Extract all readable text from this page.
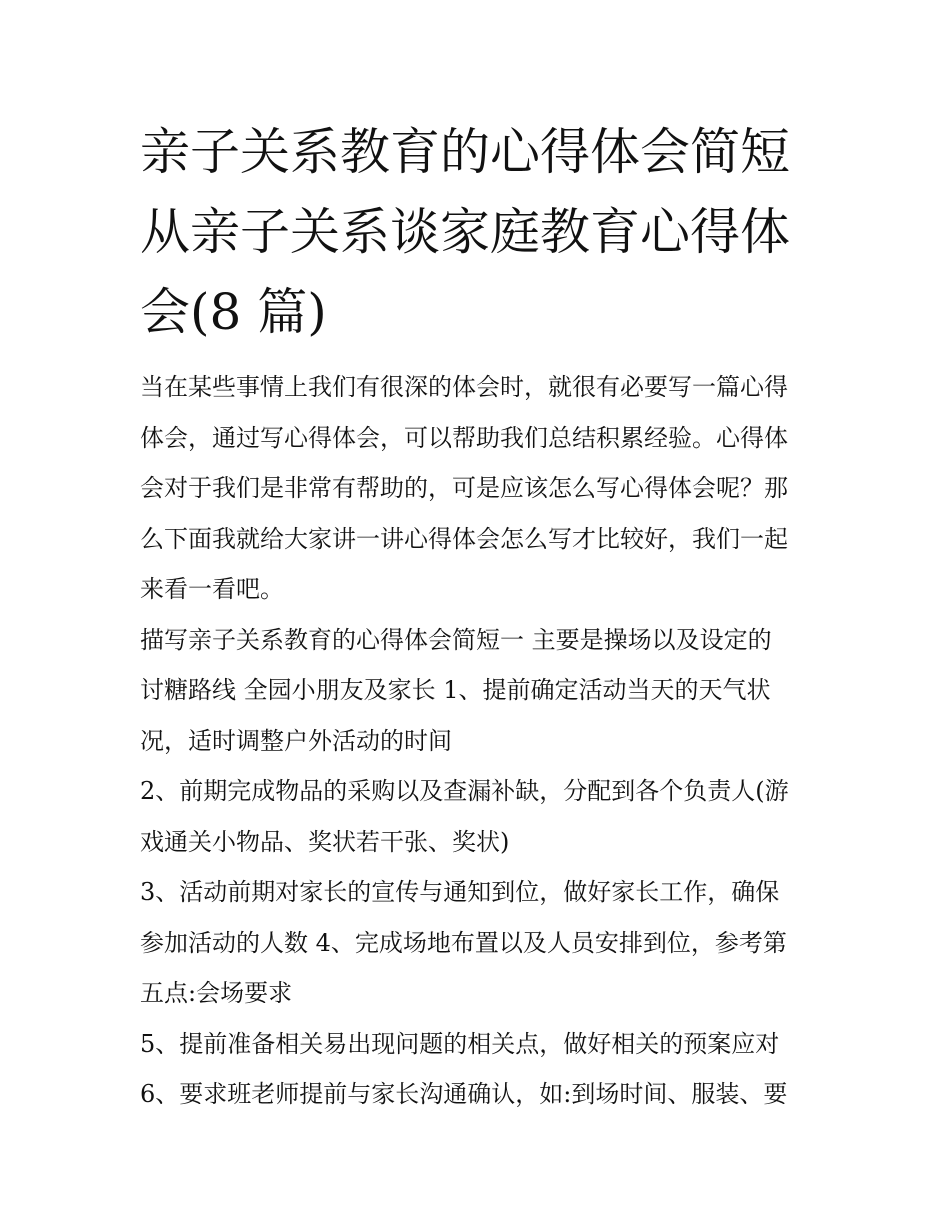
亲子关系教育的心得体会简短
从亲子关系谈家庭教育心得体
会(8 篇)

当在某些事情上我们有很深的体会时，就很有必要写一篇心得
体会，通过写心得体会，可以帮助我们总结积累经验。心得体
会对于我们是非常有帮助的，可是应该怎么写心得体会呢？那
么下面我就给大家讲一讲心得体会怎么写才比较好，我们一起
来看一看吧。

描写亲子关系教育的心得体会简短一 主要是操场以及设定的
讨糖路线 全园小朋友及家长 1、提前确定活动当天的天气状
况，适时调整户外活动的时间

2、前期完成物品的采购以及查漏补缺，分配到各个负责人(游
戏通关小物品、奖状若干张、奖状)

3、活动前期对家长的宣传与通知到位，做好家长工作，确保
参加活动的人数 4、完成场地布置以及人员安排到位，参考第
五点:会场要求

5、提前准备相关易出现问题的相关点，做好相关的预案应对

6、要求班老师提前与家长沟通确认，如:到场时间、服装、要
